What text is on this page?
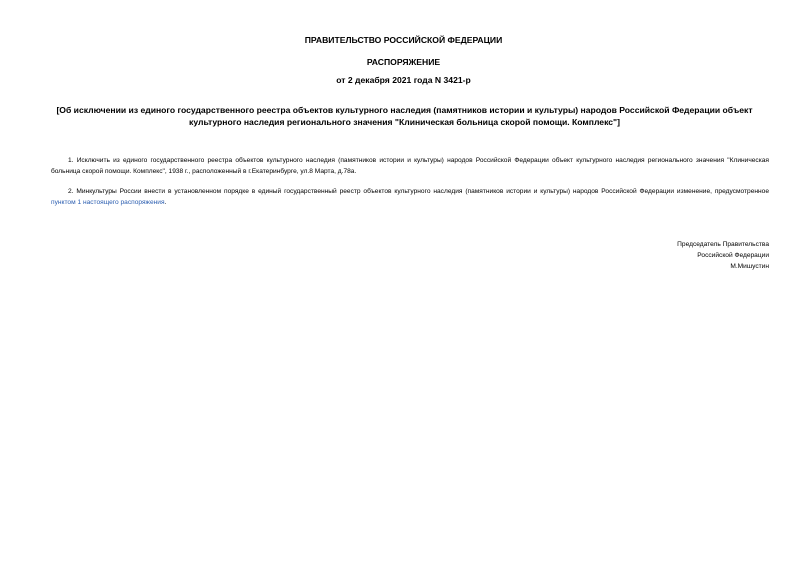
ПРАВИТЕЛЬСТВО РОССИЙСКОЙ ФЕДЕРАЦИИ
РАСПОРЯЖЕНИЕ
от 2 декабря 2021 года N 3421-р
[Об исключении из единого государственного реестра объектов культурного наследия (памятников истории и культуры) народов Российской Федерации объект культурного наследия регионального значения "Клиническая больница скорой помощи. Комплекс"]
1. Исключить из единого государственного реестра объектов культурного наследия (памятников истории и культуры) народов Российской Федерации объект культурного наследия регионального значения "Клиническая больница скорой помощи. Комплекс", 1938 г., расположенный в г.Екатеринбурге, ул.8 Марта, д.78а.
2. Минкультуры России внести в установленном порядке в единый государственный реестр объектов культурного наследия (памятников истории и культуры) народов Российской Федерации изменение, предусмотренное пунктом 1 настоящего распоряжения.
Председатель Правительства
Российской Федерации
М.Мишустин
